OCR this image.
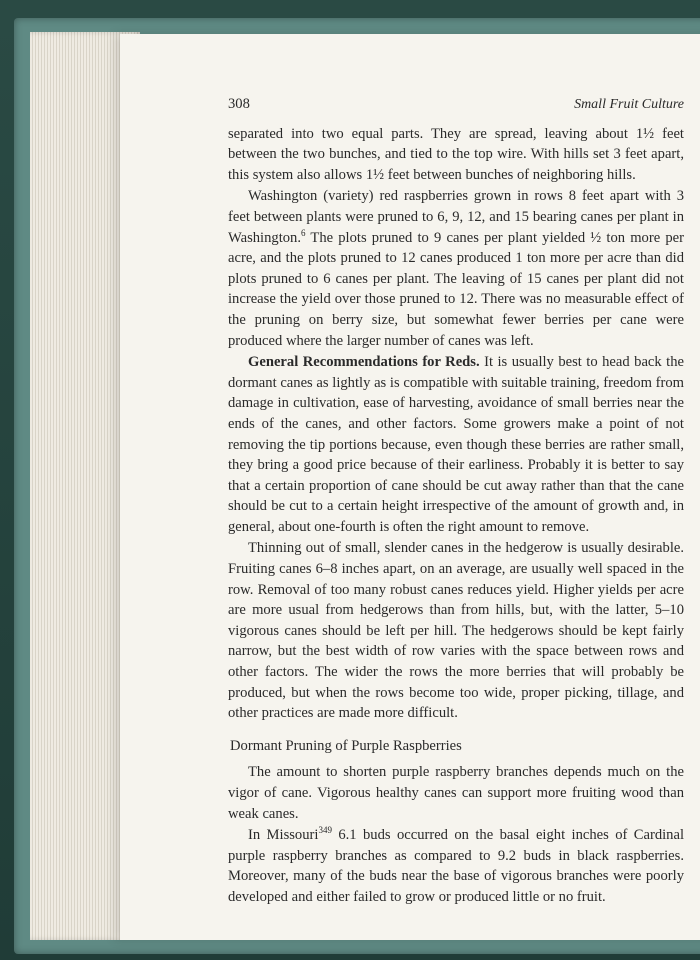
308	Small Fruit Culture

separated into two equal parts. They are spread, leaving about 1½ feet between the two bunches, and tied to the top wire. With hills set 3 feet apart, this system also allows 1½ feet between bunches of neighboring hills.

Washington (variety) red raspberries grown in rows 8 feet apart with 3 feet between plants were pruned to 6, 9, 12, and 15 bearing canes per plant in Washington.$^6$ The plots pruned to 9 canes per plant yielded ½ ton more per acre, and the plots pruned to 12 canes produced 1 ton more per acre than did plots pruned to 6 canes per plant. The leaving of 15 canes per plant did not increase the yield over those pruned to 12. There was no measurable effect of the pruning on berry size, but somewhat fewer berries per cane were produced where the larger number of canes was left.

General Recommendations for Reds. It is usually best to head back the dormant canes as lightly as is compatible with suitable training, freedom from damage in cultivation, ease of harvesting, avoidance of small berries near the ends of the canes, and other factors. Some growers make a point of not removing the tip portions because, even though these berries are rather small, they bring a good price because of their earliness. Probably it is better to say that a certain proportion of cane should be cut away rather than that the cane should be cut to a certain height irrespective of the amount of growth and, in general, about one-fourth is often the right amount to remove.

Thinning out of small, slender canes in the hedgerow is usually desirable. Fruiting canes 6–8 inches apart, on an average, are usually well spaced in the row. Removal of too many robust canes reduces yield. Higher yields per acre are more usual from hedgerows than from hills, but, with the latter, 5–10 vigorous canes should be left per hill. The hedgerows should be kept fairly narrow, but the best width of row varies with the space between rows and other factors. The wider the rows the more berries that will probably be produced, but when the rows become too wide, proper picking, tillage, and other practices are made more difficult.

Dormant Pruning of Purple Raspberries

The amount to shorten purple raspberry branches depends much on the vigor of cane. Vigorous healthy canes can support more fruiting wood than weak canes.

In Missouri$^{349}$ 6.1 buds occurred on the basal eight inches of Cardinal purple raspberry branches as compared to 9.2 buds in black raspberries. Moreover, many of the buds near the base of vigorous branches were poorly developed and either failed to grow or produced little or no fruit.
